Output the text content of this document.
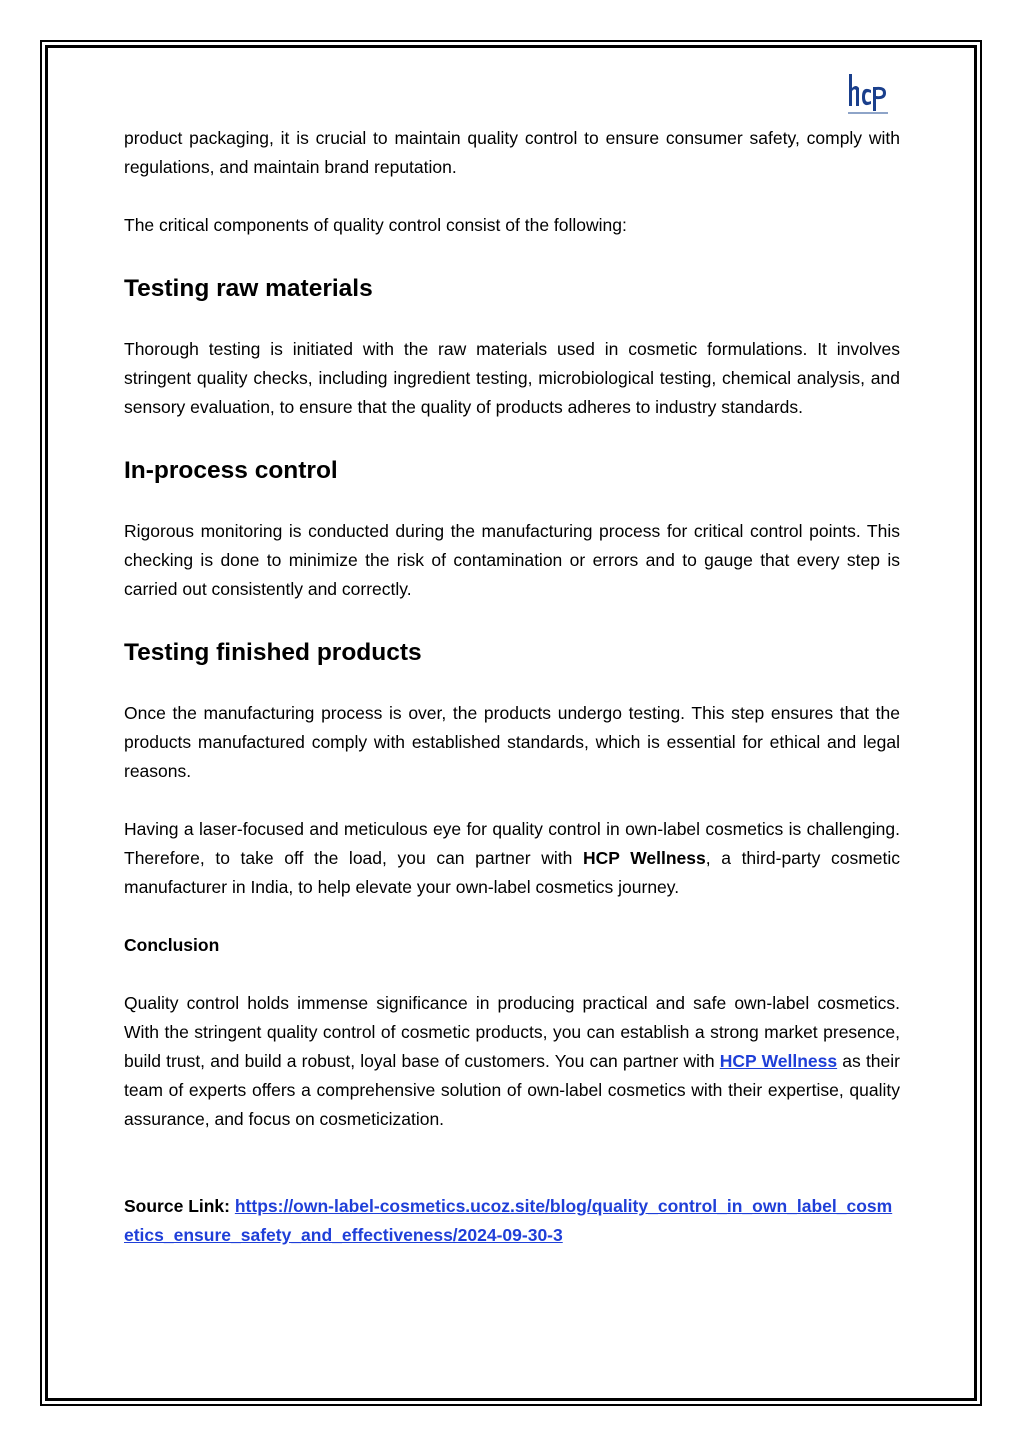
product packaging, it is crucial to maintain quality control to ensure consumer safety, comply with regulations, and maintain brand reputation.

The critical components of quality control consist of the following:

Testing raw materials

Thorough testing is initiated with the raw materials used in cosmetic formulations. It involves stringent quality checks, including ingredient testing, microbiological testing, chemical analysis, and sensory evaluation, to ensure that the quality of products adheres to industry standards.

In-process control

Rigorous monitoring is conducted during the manufacturing process for critical control points. This checking is done to minimize the risk of contamination or errors and to gauge that every step is carried out consistently and correctly.

Testing finished products

Once the manufacturing process is over, the products undergo testing. This step ensures that the products manufactured comply with established standards, which is essential for ethical and legal reasons.

Having a laser-focused and meticulous eye for quality control in own-label cosmetics is challenging. Therefore, to take off the load, you can partner with HCP Wellness, a third-party cosmetic manufacturer in India, to help elevate your own-label cosmetics journey.

Conclusion

Quality control holds immense significance in producing practical and safe own-label cosmetics. With the stringent quality control of cosmetic products, you can establish a strong market presence, build trust, and build a robust, loyal base of customers. You can partner with HCP Wellness as their team of experts offers a comprehensive solution of own-label cosmetics with their expertise, quality assurance, and focus on cosmeticization.

Source Link: https://own-label-cosmetics.ucoz.site/blog/quality_control_in_own_label_cosmetics_ensure_safety_and_effectiveness/2024-09-30-3
